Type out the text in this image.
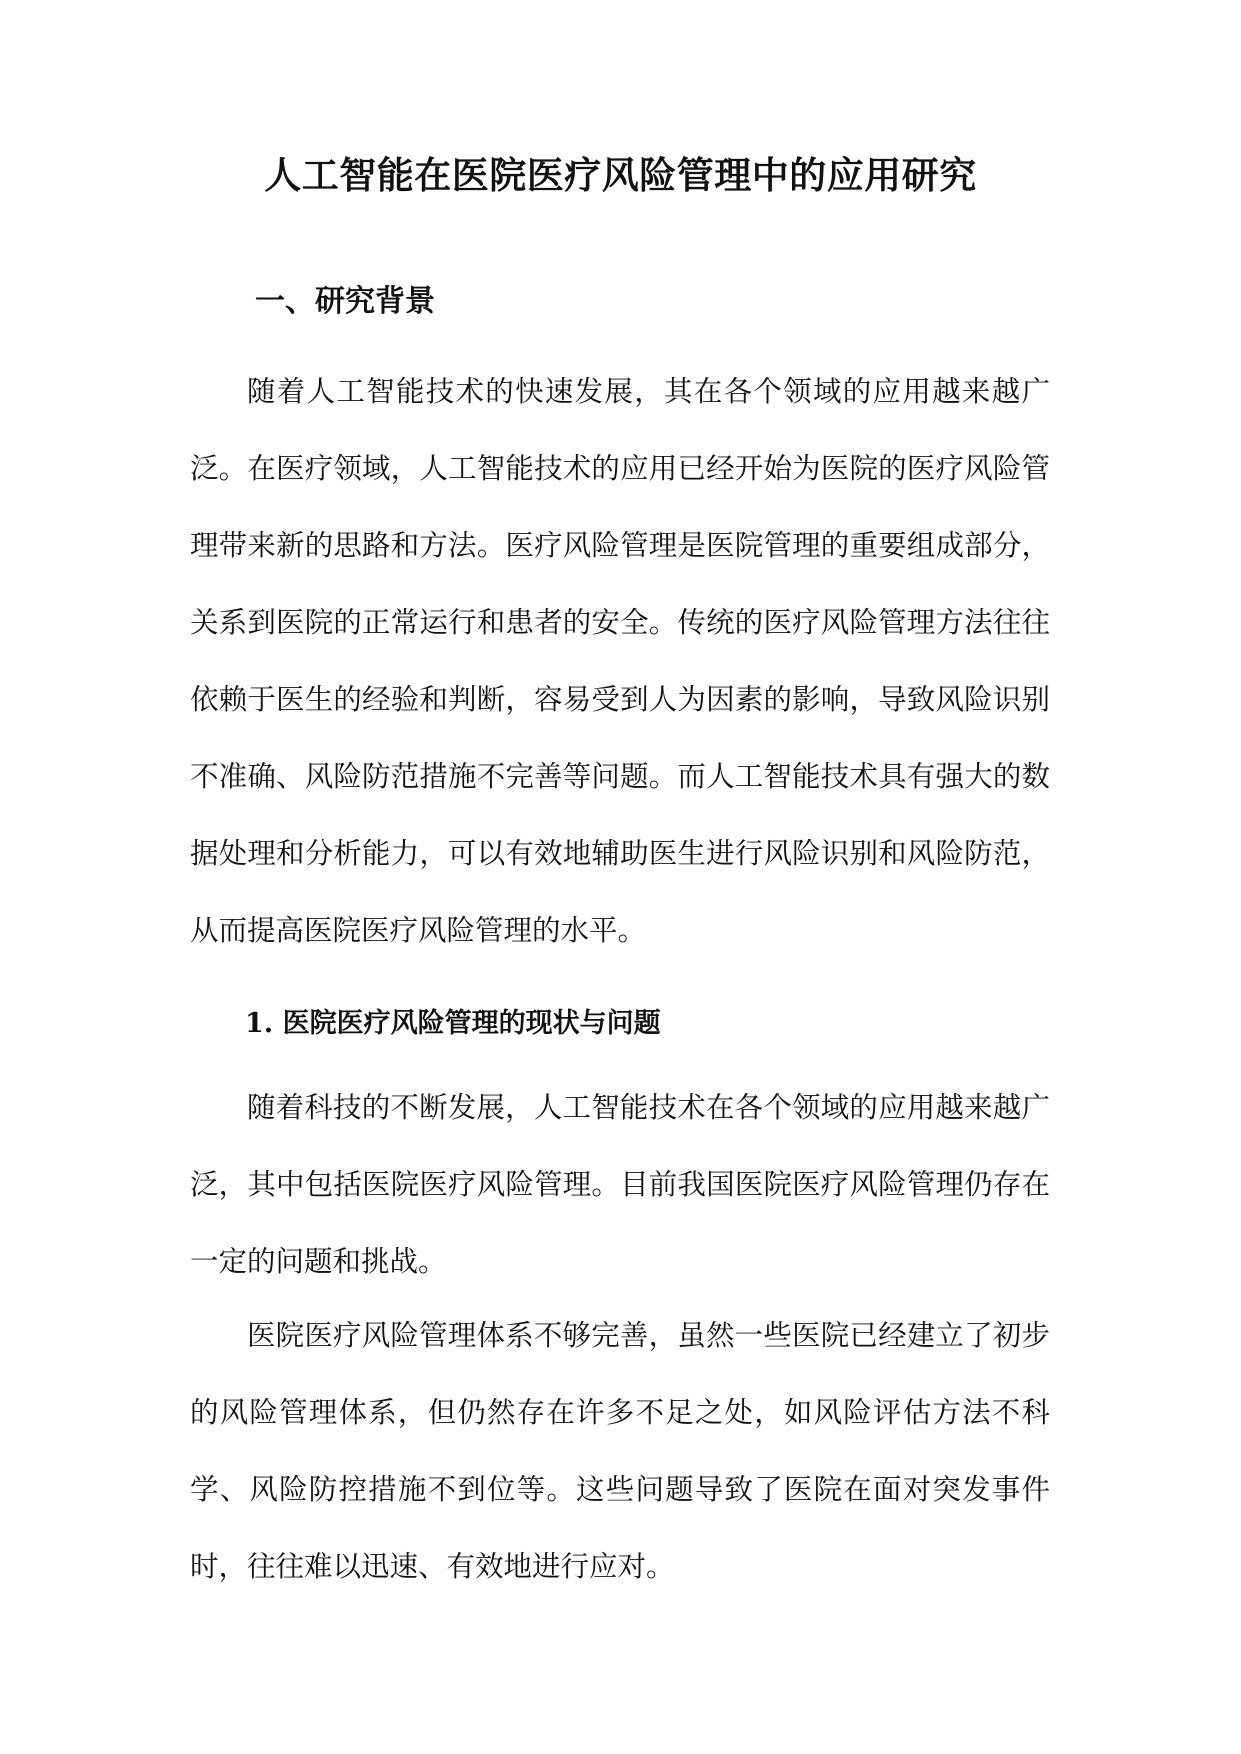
人工智能在医院医疗风险管理中的应用研究
一、研究背景

随着人工智能技术的快速发展，其在各个领域的应用越来越广泛。在医疗领域，人工智能技术的应用已经开始为医院的医疗风险管理带来新的思路和方法。医疗风险管理是医院管理的重要组成部分，关系到医院的正常运行和患者的安全。传统的医疗风险管理方法往往依赖于医生的经验和判断，容易受到人为因素的影响，导致风险识别不准确、风险防范措施不完善等问题。而人工智能技术具有强大的数据处理和分析能力，可以有效地辅助医生进行风险识别和风险防范，从而提高医院医疗风险管理的水平。

1. 医院医疗风险管理的现状与问题

随着科技的不断发展，人工智能技术在各个领域的应用越来越广泛，其中包括医院医疗风险管理。目前我国医院医疗风险管理仍存在一定的问题和挑战。

医院医疗风险管理体系不够完善，虽然一些医院已经建立了初步的风险管理体系，但仍然存在许多不足之处，如风险评估方法不科学、风险防控措施不到位等。这些问题导致了医院在面对突发事件时，往往难以迅速、有效地进行应对。
